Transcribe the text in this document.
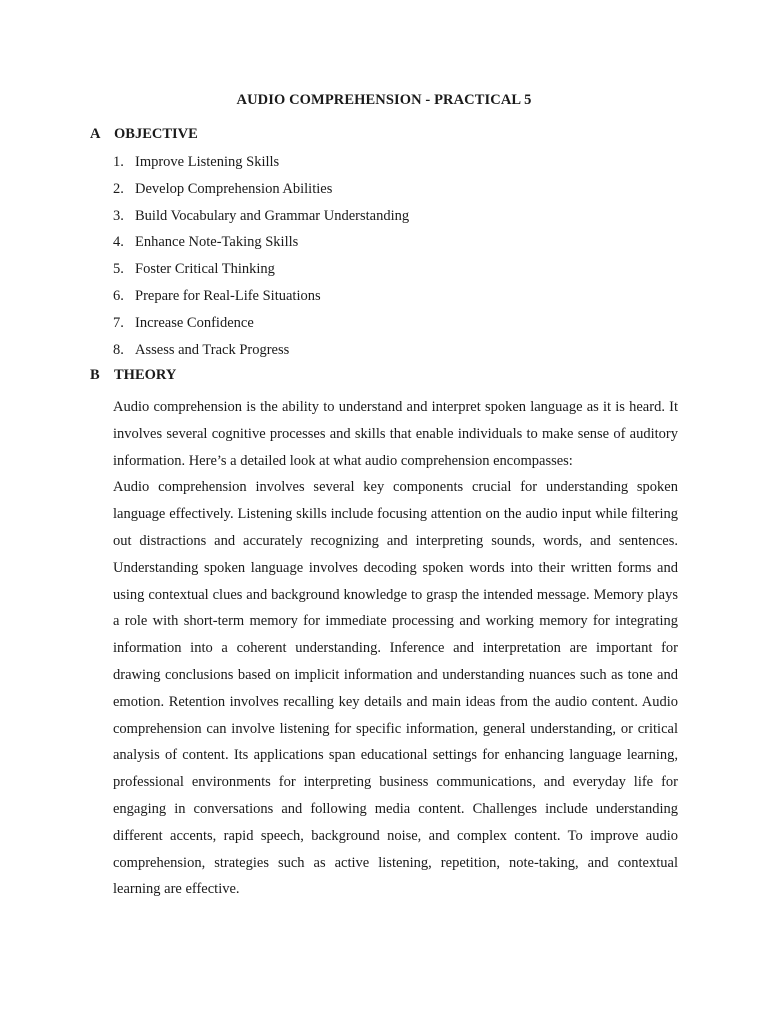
AUDIO COMPREHENSION - PRACTICAL 5
A OBJECTIVE
1. Improve Listening Skills
2. Develop Comprehension Abilities
3. Build Vocabulary and Grammar Understanding
4. Enhance Note-Taking Skills
5. Foster Critical Thinking
6. Prepare for Real-Life Situations
7. Increase Confidence
8. Assess and Track Progress
B THEORY

Audio comprehension is the ability to understand and interpret spoken language as it is heard. It involves several cognitive processes and skills that enable individuals to make sense of auditory information. Here’s a detailed look at what audio comprehension encompasses:

Audio comprehension involves several key components crucial for understanding spoken language effectively. Listening skills include focusing attention on the audio input while filtering out distractions and accurately recognizing and interpreting sounds, words, and sentences. Understanding spoken language involves decoding spoken words into their written forms and using contextual clues and background knowledge to grasp the intended message. Memory plays a role with short-term memory for immediate processing and working memory for integrating information into a coherent understanding. Inference and interpretation are important for drawing conclusions based on implicit information and understanding nuances such as tone and emotion. Retention involves recalling key details and main ideas from the audio content. Audio comprehension can involve listening for specific information, general understanding, or critical analysis of content. Its applications span educational settings for enhancing language learning, professional environments for interpreting business communications, and everyday life for engaging in conversations and following media content. Challenges include understanding different accents, rapid speech, background noise, and complex content. To improve audio comprehension, strategies such as active listening, repetition, note-taking, and contextual learning are effective.
